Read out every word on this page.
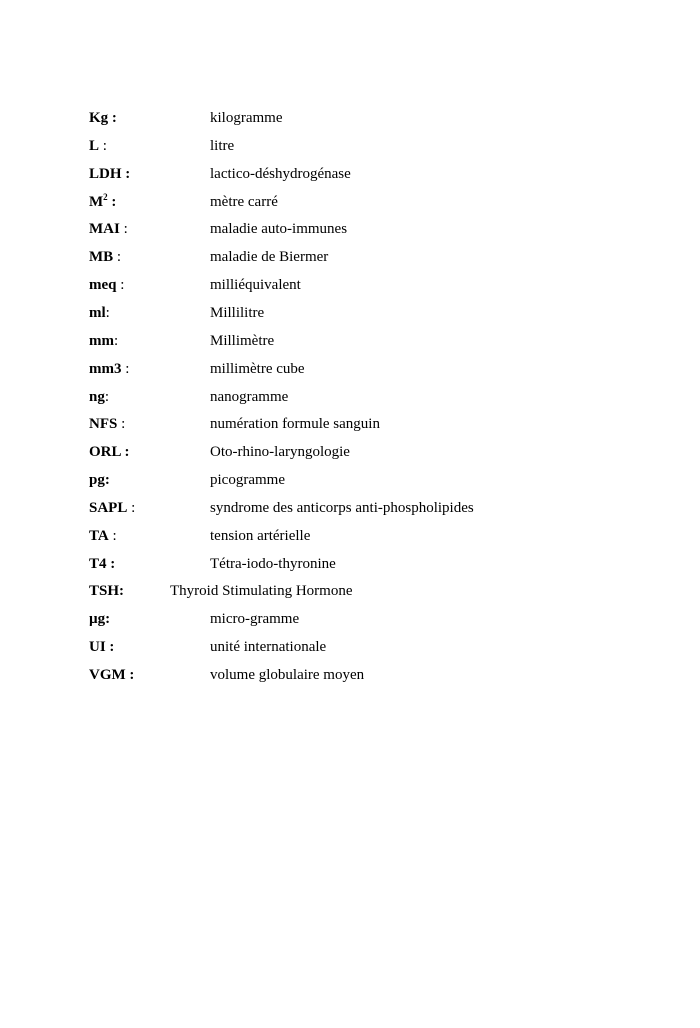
Kg :	kilogramme
L :	litre
LDH :	lactico-déshydrogénase
$M^2$ :	mètre carré
MAI :	maladie auto-immunes
MB :	maladie de Biermer
meq :	milliéquivalent
ml:	Millilitre
mm:	Millimètre
mm3 :	millimètre cube
ng:	nanogramme
NFS :	numération formule sanguin
ORL :	Oto-rhino-laryngologie
pg:	picogramme
SAPL :	syndrome des anticorps anti-phospholipides
TA :	tension artérielle
T4 :	Tétra-iodo-thyronine
TSH:	Thyroid Stimulating Hormone
µg:	micro-gramme
UI :	unité internationale
VGM :	volume globulaire moyen
